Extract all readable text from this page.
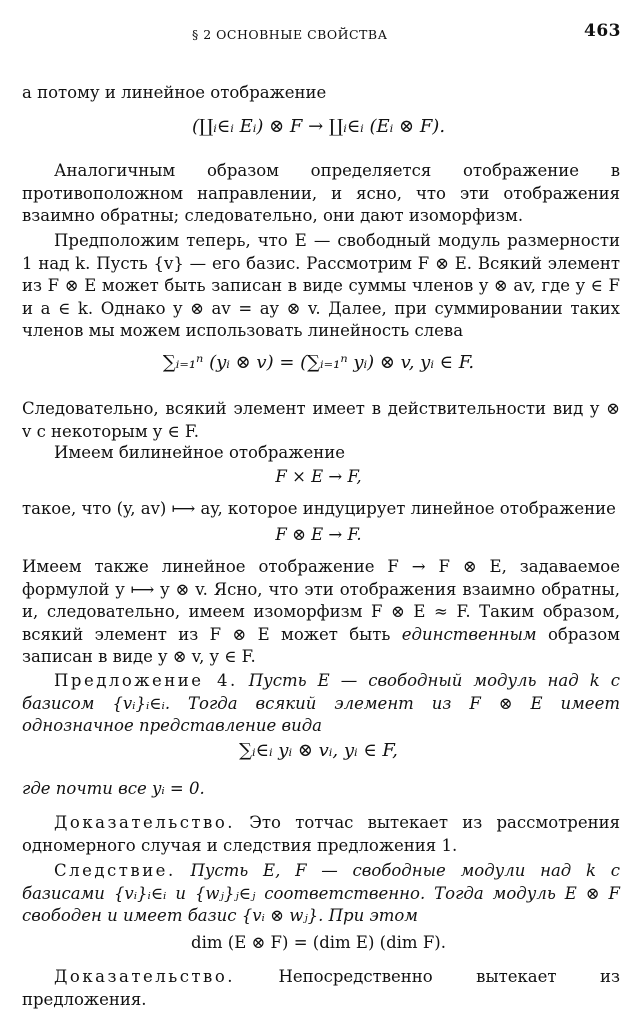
§ 2 ОСНОВНЫЕ СВОЙСТВА	463

а потому и линейное отображение

(∐ᵢ∈ᵢ Eᵢ) ⊗ F → ∐ᵢ∈ᵢ (Eᵢ ⊗ F).

Аналогичным образом определяется отображение в противоположном направлении, и ясно, что эти отображения взаимно обратны; следовательно, они дают изоморфизм.

Предположим теперь, что E — свободный модуль размерности 1 над k. Пусть {v} — его базис. Рассмотрим F ⊗ E. Всякий элемент из F ⊗ E может быть записан в виде суммы членов y ⊗ av, где y ∈ F и a ∈ k. Однако y ⊗ av = ay ⊗ v. Далее, при суммировании таких членов мы можем использовать линейность слева

∑ᵢ₌₁ⁿ (yᵢ ⊗ v) = (∑ᵢ₌₁ⁿ yᵢ) ⊗ v, yᵢ ∈ F.

Следовательно, всякий элемент имеет в действительности вид y ⊗ v с некоторым y ∈ F.

Имеем билинейное отображение

F × E → F,

такое, что (y, av) ⟼ ay, которое индуцирует линейное отображение

F ⊗ E → F.

Имеем также линейное отображение F → F ⊗ E, задаваемое формулой y ⟼ y ⊗ v. Ясно, что эти отображения взаимно обратны, и, следовательно, имеем изоморфизм F ⊗ E ≈ F. Таким образом, всякий элемент из F ⊗ E может быть единственным образом записан в виде y ⊗ v, y ∈ F.

Предложение 4. Пусть E — свободный модуль над k с базисом {vᵢ}ᵢ∈ᵢ. Тогда всякий элемент из F ⊗ E имеет однозначное представление вида

∑ᵢ∈ᵢ yᵢ ⊗ vᵢ, yᵢ ∈ F,

где почти все yᵢ = 0.

Доказательство. Это тотчас вытекает из рассмотрения одномерного случая и следствия предложения 1.

Следствие. Пусть E, F — свободные модули над k с базисами {vᵢ}ᵢ∈ᵢ и {wⱼ}ⱼ∈ⱼ соответственно. Тогда модуль E ⊗ F свободен и имеет базис {vᵢ ⊗ wⱼ}. При этом

dim (E ⊗ F) = (dim E) (dim F).

Доказательство. Непосредственно вытекает из предложения.
